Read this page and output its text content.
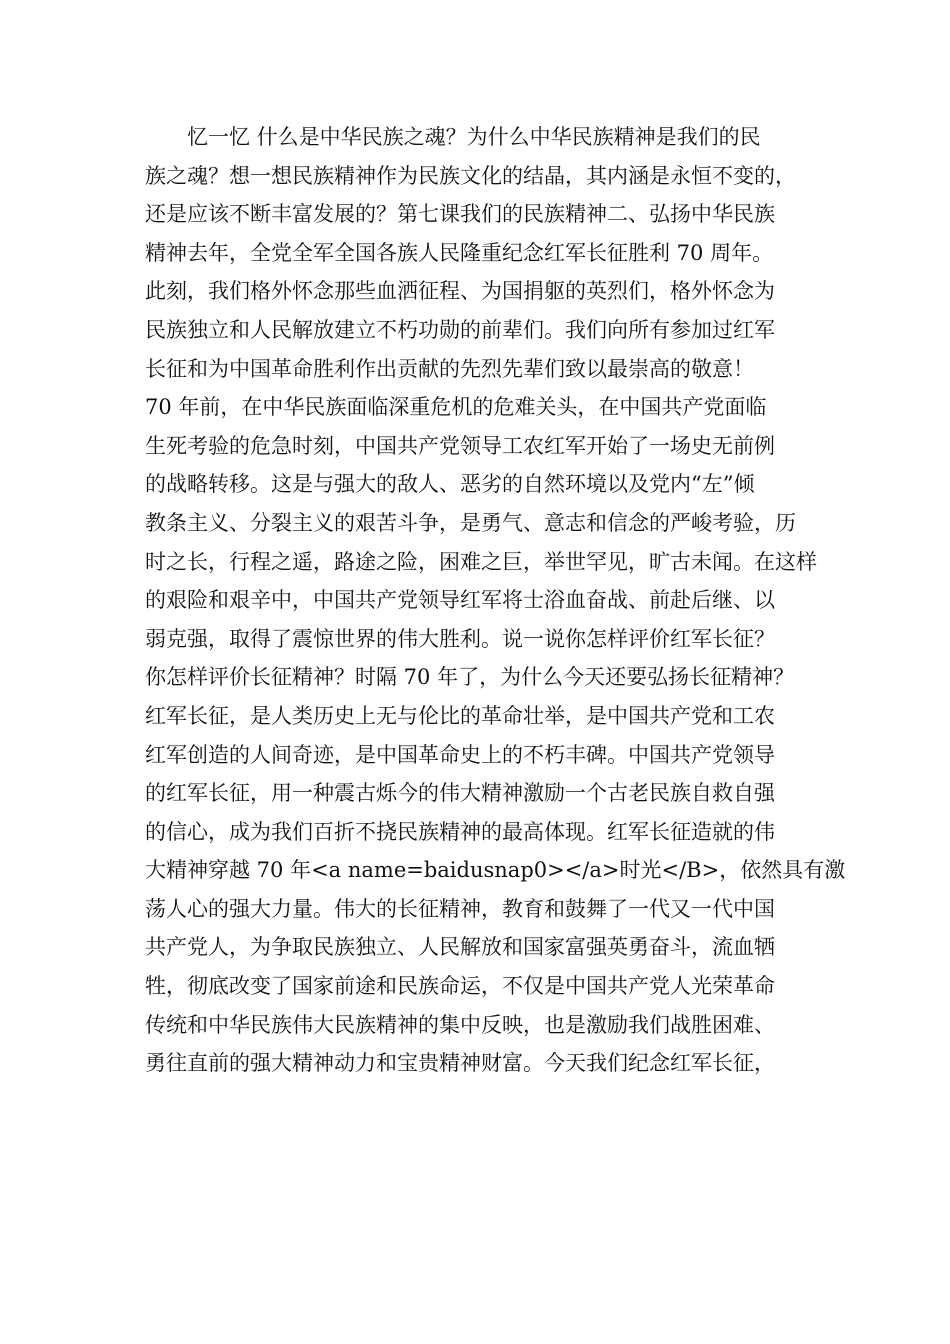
忆一忆 什么是中华民族之魂？为什么中华民族精神是我们的民
族之魂？想一想民族精神作为民族文化的结晶，其内涵是永恒不变的，
还是应该不断丰富发展的？第七课我们的民族精神二、弘扬中华民族
精神去年，全党全军全国各族人民隆重纪念红军长征胜利 70 周年。
此刻，我们格外怀念那些血洒征程、为国捐躯的英烈们，格外怀念为
民族独立和人民解放建立不朽功勋的前辈们。我们向所有参加过红军
长征和为中国革命胜利作出贡献的先烈先辈们致以最崇高的敬意！
70 年前，在中华民族面临深重危机的危难关头，在中国共产党面临
生死考验的危急时刻，中国共产党领导工农红军开始了一场史无前例
的战略转移。这是与强大的敌人、恶劣的自然环境以及党内“左”倾
教条主义、分裂主义的艰苦斗争，是勇气、意志和信念的严峻考验，历
时之长，行程之遥，路途之险，困难之巨，举世罕见，旷古未闻。在这样
的艰险和艰辛中，中国共产党领导红军将士浴血奋战、前赴后继、以
弱克强，取得了震惊世界的伟大胜利。说一说你怎样评价红军长征？
你怎样评价长征精神？时隔 70 年了，为什么今天还要弘扬长征精神？
红军长征，是人类历史上无与伦比的革命壮举，是中国共产党和工农
红军创造的人间奇迹，是中国革命史上的不朽丰碑。中国共产党领导
的红军长征，用一种震古烁今的伟大精神激励一个古老民族自救自强
的信心，成为我们百折不挠民族精神的最高体现。红军长征造就的伟
大精神穿越 70 年<a name=baidusnap0></a>时光</B>，依然具有激
荡人心的强大力量。伟大的长征精神，教育和鼓舞了一代又一代中国
共产党人，为争取民族独立、人民解放和国家富强英勇奋斗，流血牺
牲，彻底改变了国家前途和民族命运，不仅是中国共产党人光荣革命
传统和中华民族伟大民族精神的集中反映，也是激励我们战胜困难、
勇往直前的强大精神动力和宝贵精神财富。今天我们纪念红军长征，
